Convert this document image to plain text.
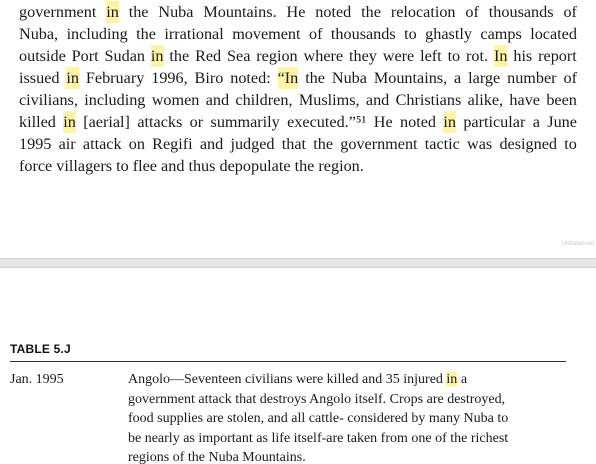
government in the Nuba Mountains. He noted the relocation of thousands of
Nuba, including the irrational movement of thousands to ghastly camps located
outside Port Sudan in the Red Sea region where they were left to rot. In his report
issued in February 1996, Biro noted: “In the Nuba Mountains, a large number of
civilians, including women and children, Muslims, and Christians alike, have been
killed in [aerial] attacks or summarily executed.”⁵¹ He noted in particular a June
1995 air attack on Regifi and judged that the government tactic was designed to
force villagers to flee and thus depopulate the region.
Unbalanced
TABLE 5.J
Jan. 1995	Angolo—Seventeen civilians were killed and 35 injured in a
government attack that destroys Angolo itself. Crops are destroyed,
food supplies are stolen, and all cattle- considered by many Nuba to
be nearly as important as life itself-are taken from one of the richest
regions of the Nuba Mountains.
